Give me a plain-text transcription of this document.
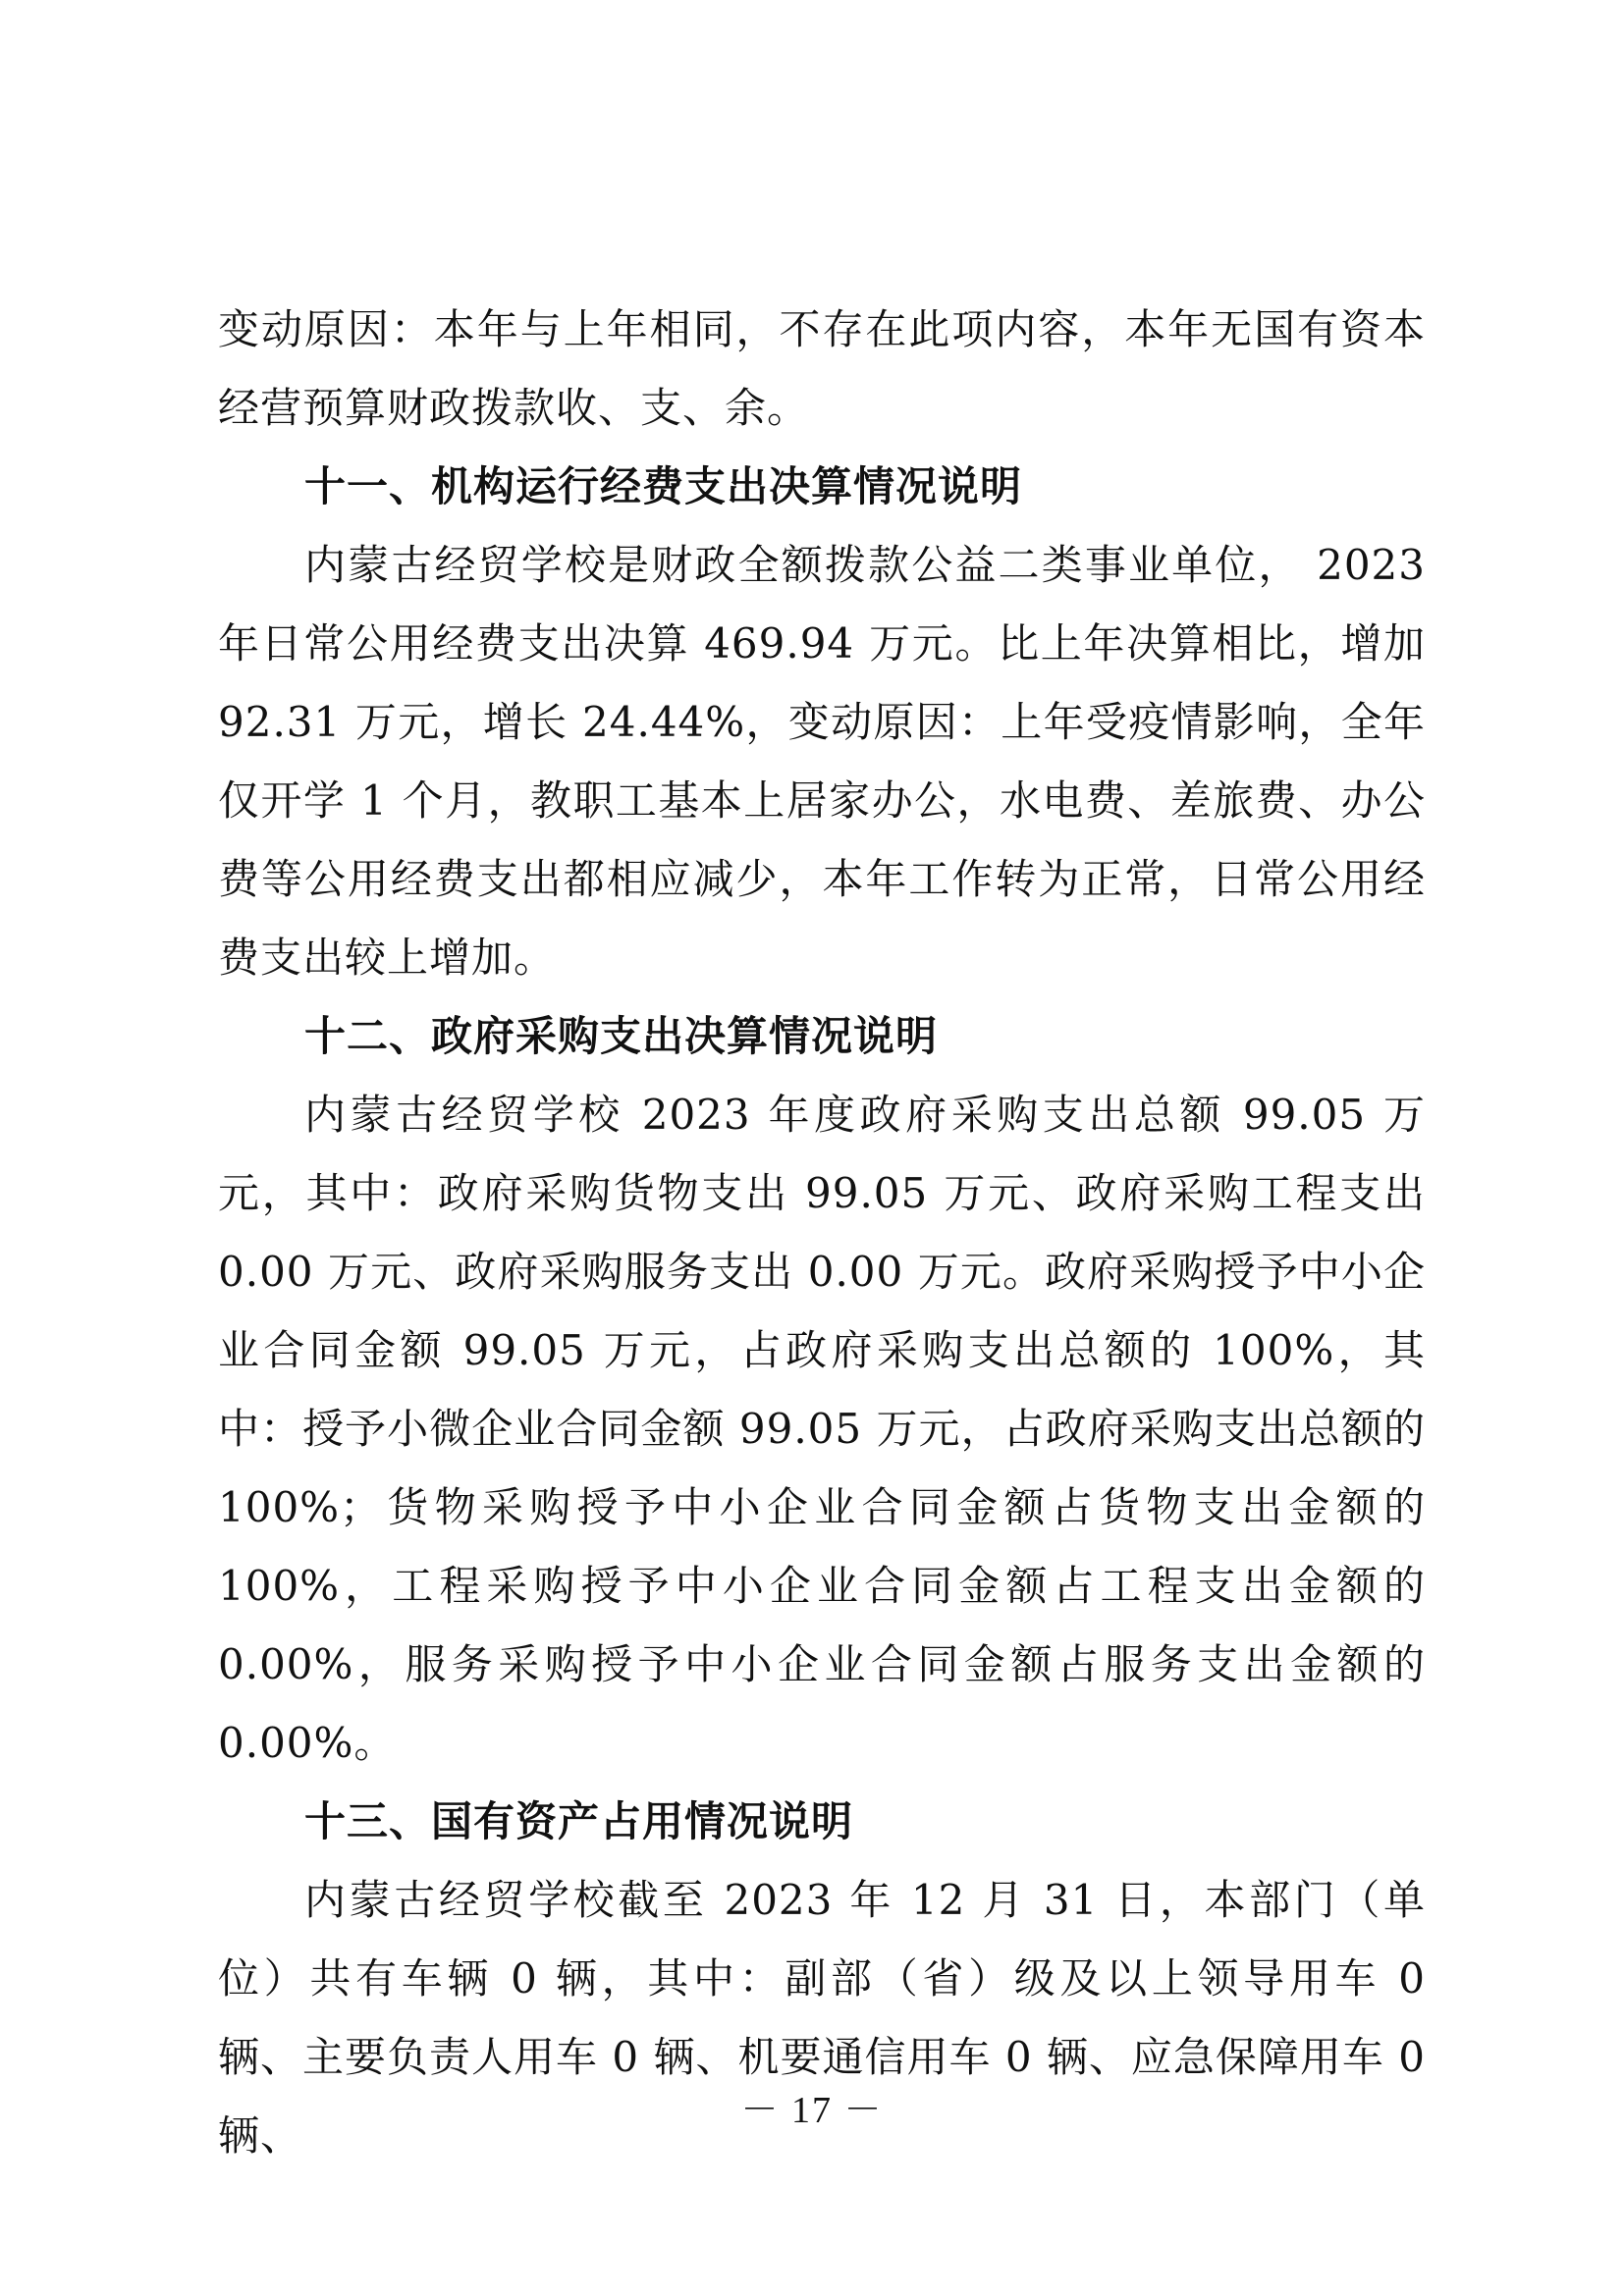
变动原因：本年与上年相同，不存在此项内容，本年无国有资本经营预算财政拨款收、支、余。

十一、机构运行经费支出决算情况说明

内蒙古经贸学校是财政全额拨款公益二类事业单位， 2023年日常公用经费支出决算 469.94 万元。比上年决算相比，增加 92.31 万元，增长 24.44%，变动原因：上年受疫情影响，全年仅开学 1 个月，教职工基本上居家办公，水电费、差旅费、办公费等公用经费支出都相应减少，本年工作转为正常，日常公用经费支出较上增加。

十二、政府采购支出决算情况说明

内蒙古经贸学校 2023 年度政府采购支出总额 99.05 万元，其中：政府采购货物支出 99.05 万元、政府采购工程支出 0.00 万元、政府采购服务支出 0.00 万元。政府采购授予中小企业合同金额 99.05 万元，占政府采购支出总额的 100%，其中：授予小微企业合同金额 99.05 万元，占政府采购支出总额的 100%；货物采购授予中小企业合同金额占货物支出金额的 100%，工程采购授予中小企业合同金额占工程支出金额的 0.00%，服务采购授予中小企业合同金额占服务支出金额的 0.00%。

十三、国有资产占用情况说明

内蒙古经贸学校截至 2023 年 12 月 31 日，本部门（单位）共有车辆 0 辆，其中：副部（省）级及以上领导用车 0 辆、主要负责人用车 0 辆、机要通信用车 0 辆、应急保障用车 0 辆、

－ 17 －
